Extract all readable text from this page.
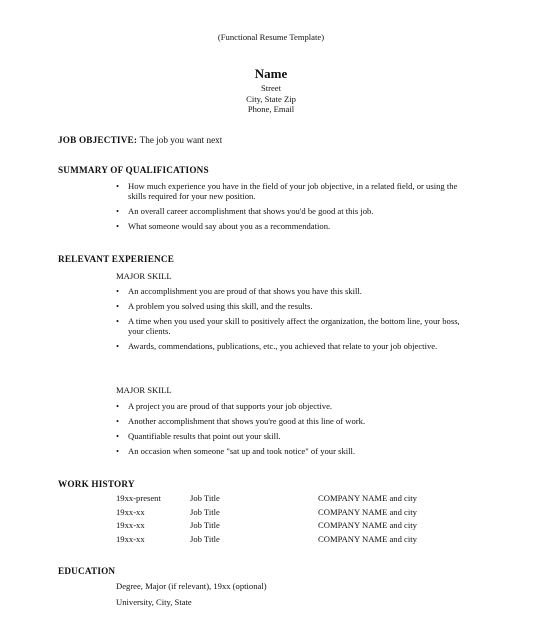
(Functional Resume Template)
Name
Street
City, State Zip
Phone, Email
JOB OBJECTIVE: The job you want next
SUMMARY OF QUALIFICATIONS
• How much experience you have in the field of your job objective, in a related field, or using the skills required for your new position.
• An overall career accomplishment that shows you'd be good at this job.
• What someone would say about you as a recommendation.
RELEVANT EXPERIENCE
MAJOR SKILL
• An accomplishment you are proud of that shows you have this skill.
• A problem you solved using this skill, and the results.
• A time when you used your skill to positively affect the organization, the bottom line, your boss, your clients.
• Awards, commendations, publications, etc., you achieved that relate to your job objective.
MAJOR SKILL
• A project you are proud of that supports your job objective.
• Another accomplishment that shows you're good at this line of work.
• Quantifiable results that point out your skill.
• An occasion when someone "sat up and took notice" of your skill.
WORK HISTORY
19xx-present	Job Title	COMPANY NAME and city
19xx-xx	Job Title	COMPANY NAME and city
19xx-xx	Job Title	COMPANY NAME and city
19xx-xx	Job Title	COMPANY NAME and city
EDUCATION
Degree, Major (if relevant), 19xx (optional)
University, City, State
